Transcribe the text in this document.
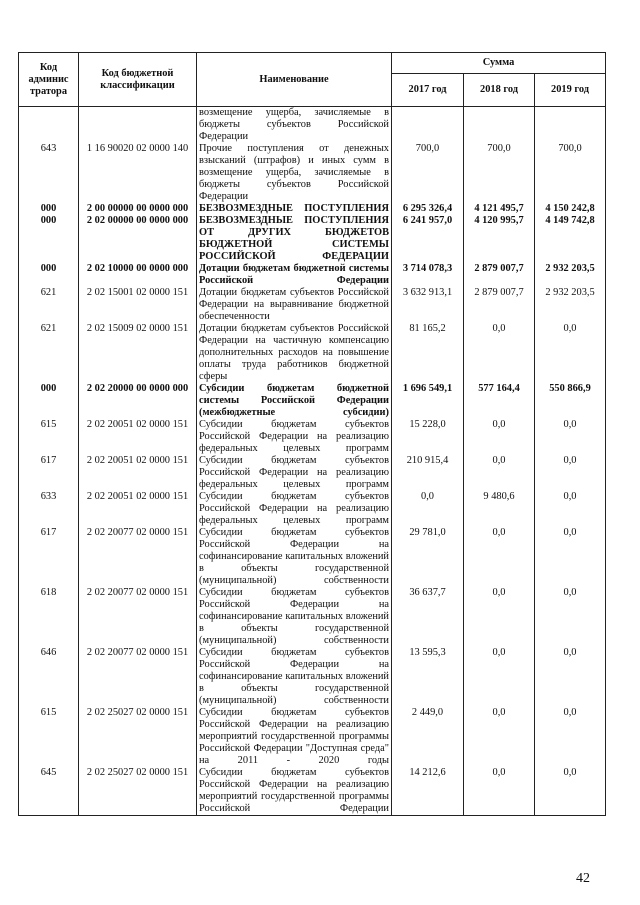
Код админис тратора	Код бюджетной классификации	Наименование	Сумма		
			2017 год	2018 год	2019 год
		возмещение ущерба, зачисляемые в бюджеты субъектов Российской Федерации			
643	1 16 90020 02 0000 140	Прочие поступления от денежных взысканий (штрафов) и иных сумм в возмещение ущерба, зачисляемые в бюджеты субъектов Российской Федерации	700,0	700,0	700,0
000	2 00 00000 00 0000 000	БЕЗВОЗМЕЗДНЫЕ ПОСТУПЛЕНИЯ	6 295 326,4	4 121 495,7	4 150 242,8
000	2 02 00000 00 0000 000	БЕЗВОЗМЕЗДНЫЕ ПОСТУПЛЕНИЯ ОТ ДРУГИХ БЮДЖЕТОВ БЮДЖЕТНОЙ СИСТЕМЫ РОССИЙСКОЙ ФЕДЕРАЦИИ	6 241 957,0	4 120 995,7	4 149 742,8
000	2 02 10000 00 0000 000	Дотации бюджетам бюджетной системы Российской Федерации	3 714 078,3	2 879 007,7	2 932 203,5
621	2 02 15001 02 0000 151	Дотации бюджетам субъектов Российской Федерации на выравнивание бюджетной обеспеченности	3 632 913,1	2 879 007,7	2 932 203,5
621	2 02 15009 02 0000 151	Дотации бюджетам субъектов Российской Федерации на частичную компенсацию дополнительных расходов на повышение оплаты труда работников бюджетной сферы	81 165,2	0,0	0,0
000	2 02 20000 00 0000 000	Субсидии бюджетам бюджетной системы Российской Федерации (межбюджетные субсидии)	1 696 549,1	577 164,4	550 866,9
615	2 02 20051 02 0000 151	Субсидии бюджетам субъектов Российской Федерации на реализацию федеральных целевых программ	15 228,0	0,0	0,0
617	2 02 20051 02 0000 151	Субсидии бюджетам субъектов Российской Федерации на реализацию федеральных целевых программ	210 915,4	0,0	0,0
633	2 02 20051 02 0000 151	Субсидии бюджетам субъектов Российской Федерации на реализацию федеральных целевых программ	0,0	9 480,6	0,0
617	2 02 20077 02 0000 151	Субсидии бюджетам субъектов Российской Федерации на софинансирование капитальных вложений в объекты государственной (муниципальной) собственности	29 781,0	0,0	0,0
618	2 02 20077 02 0000 151	Субсидии бюджетам субъектов Российской Федерации на софинансирование капитальных вложений в объекты государственной (муниципальной) собственности	36 637,7	0,0	0,0
646	2 02 20077 02 0000 151	Субсидии бюджетам субъектов Российской Федерации на софинансирование капитальных вложений в объекты государственной (муниципальной) собственности	13 595,3	0,0	0,0
615	2 02 25027 02 0000 151	Субсидии бюджетам субъектов Российской Федерации на реализацию мероприятий государственной программы Российской Федерации "Доступная среда" на 2011 - 2020 годы	2 449,0	0,0	0,0
645	2 02 25027 02 0000 151	Субсидии бюджетам субъектов Российской Федерации на реализацию мероприятий государственной программы Российской Федерации	14 212,6	0,0	0,0
42
